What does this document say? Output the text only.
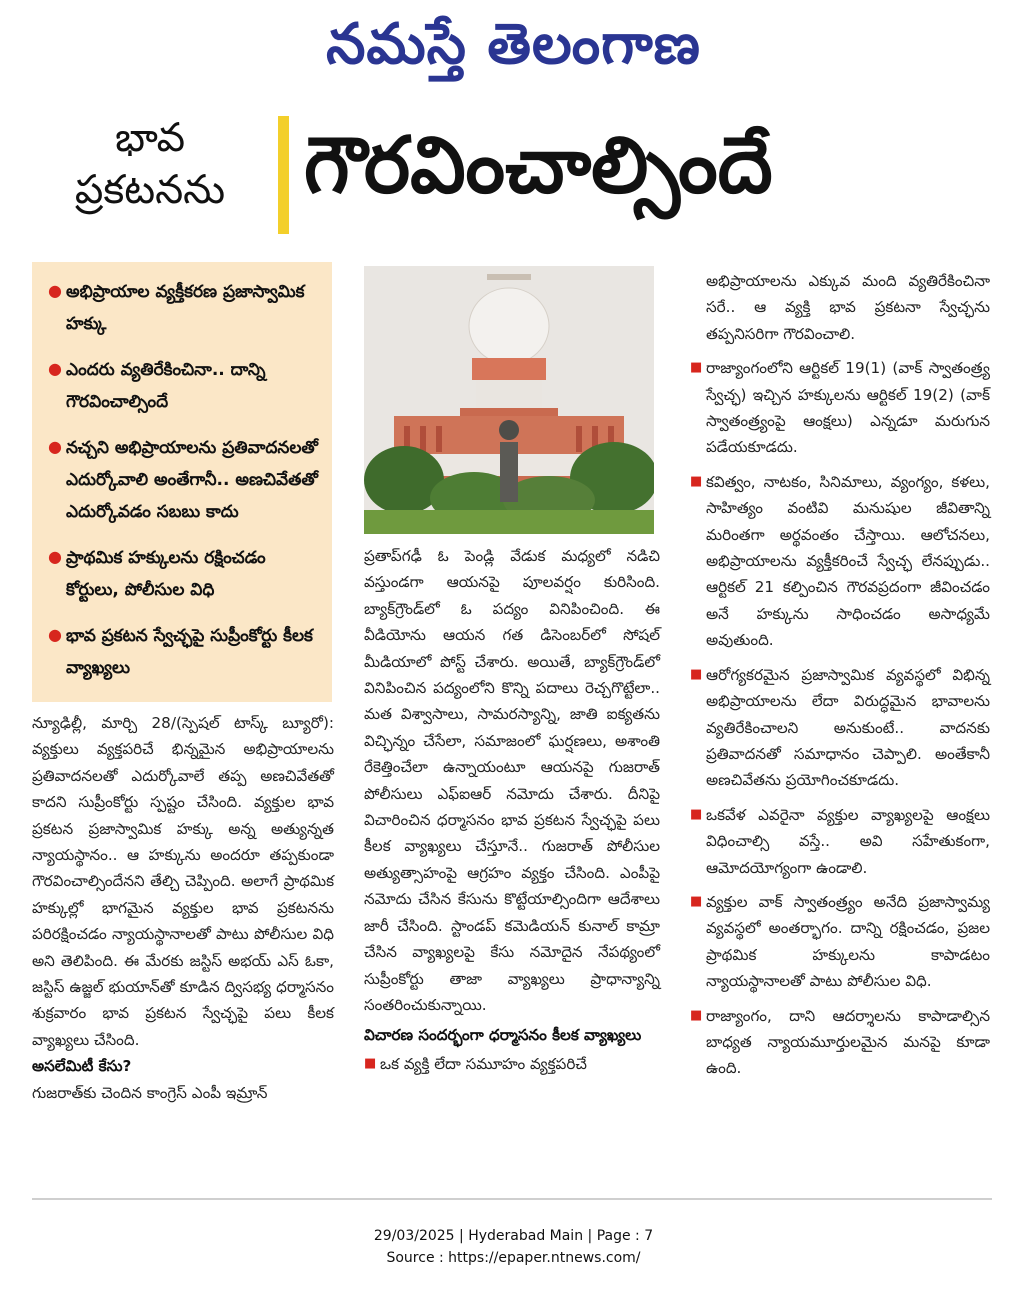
నమస్తే తెలంగాణ
భావ
ప్రకటనను	గౌరవించాల్సిందే
● అభిప్రాయాల వ్యక్తీకరణ ప్రజాస్వామిక హక్కు
● ఎందరు వ్యతిరేకించినా.. దాన్ని గౌరవించాల్సిందే
● నచ్చని అభిప్రాయాలను ప్రతివాదనలతో ఎదుర్కోవాలి అంతేగానీ.. అణచివేతతో ఎదుర్కోవడం సబబు కాదు
● ప్రాథమిక హక్కులను రక్షించడం కోర్టులు, పోలీసుల విధి
● భావ ప్రకటన స్వేచ్ఛపై సుప్రీంకోర్టు కీలక వ్యాఖ్యలు

న్యూఢిల్లీ, మార్చి 28/(స్పెషల్ టాస్క్ బ్యూరో): వ్యక్తులు వ్యక్తపరిచే భిన్నమైన అభిప్రాయాలను ప్రతివాదనలతో ఎదుర్కోవాలే తప్ప అణచివేతతో కాదని సుప్రీంకోర్టు స్పష్టం చేసింది. వ్యక్తుల భావ ప్రకటన ప్రజాస్వామిక హక్కు అన్న అత్యున్నత న్యాయస్థానం.. ఆ హక్కును అందరూ తప్పకుండా గౌరవించాల్సిందేనని తేల్చి చెప్పింది. అలాగే ప్రాథమిక హక్కుల్లో భాగమైన వ్యక్తుల భావ ప్రకటనను పరిరక్షించడం న్యాయస్థానాలతో పాటు పోలీసుల విధి అని తెలిపింది. ఈ మేరకు జస్టిస్ అభయ్ ఎస్ ఓకా, జస్టిస్ ఉజ్జల్ భుయాన్‌తో కూడిన ద్విసభ్య ధర్మాసనం శుక్రవారం భావ ప్రకటన స్వేచ్ఛపై పలు కీలక వ్యాఖ్యలు చేసింది.

అసలేమిటీ కేసు?

గుజరాత్‌కు చెందిన కాంగ్రెస్ ఎంపీ ఇమ్రాన్

ప్రతాప్‌గఢీ ఓ పెండ్లి వేడుక మధ్యలో నడిచి వస్తుండగా ఆయనపై పూలవర్షం కురిసింది. బ్యాక్‌గ్రౌండ్‌లో ఓ పద్యం వినిపించింది. ఈ వీడియోను ఆయన గత డిసెంబర్‌లో సోషల్ మీడియాలో పోస్ట్ చేశారు. అయితే, బ్యాక్‌గ్రౌండ్‌లో వినిపించిన పద్యంలోని కొన్ని పదాలు రెచ్చగొట్టేలా.. మత విశ్వాసాలు, సామరస్యాన్ని, జాతి ఐక్యతను విచ్ఛిన్నం చేసేలా, సమాజంలో ఘర్షణలు, అశాంతి రేకెత్తించేలా ఉన్నాయంటూ ఆయనపై గుజరాత్ పోలీసులు ఎఫ్ఐఆర్ నమోదు చేశారు. దీనిపై విచారించిన ధర్మాసనం భావ ప్రకటన స్వేచ్ఛపై పలు కీలక వ్యాఖ్యలు చేస్తూనే.. గుజరాత్ పోలీసుల అత్యుత్సాహంపై ఆగ్రహం వ్యక్తం చేసింది. ఎంపీపై నమోదు చేసిన కేసును కొట్టేయాల్సిందిగా ఆదేశాలు జారీ చేసింది. స్టాండప్ కమెడియన్ కునాల్ కామ్రా చేసిన వ్యాఖ్యలపై కేసు నమోదైన నేపథ్యంలో సుప్రీంకోర్టు తాజా వ్యాఖ్యలు ప్రాధాన్యాన్ని సంతరించుకున్నాయి.

విచారణ సందర్భంగా ధర్మాసనం కీలక వ్యాఖ్యలు

■ ఒక వ్యక్తి లేదా సమూహం వ్యక్తపరిచే

అభిప్రాయాలను ఎక్కువ మంది వ్యతిరేకించినా సరే.. ఆ వ్యక్తి భావ ప్రకటనా స్వేచ్ఛను తప్పనిసరిగా గౌరవించాలి.

■ రాజ్యాంగంలోని ఆర్టికల్ 19(1) (వాక్ స్వాతంత్ర్య స్వేచ్ఛ) ఇచ్చిన హక్కులను ఆర్టికల్ 19(2) (వాక్ స్వాతంత్ర్యంపై ఆంక్షలు) ఎన్నడూ మరుగున పడేయకూడదు.
■ కవిత్వం, నాటకం, సినిమాలు, వ్యంగ్యం, కళలు, సాహిత్యం వంటివి మనుషుల జీవితాన్ని మరింతగా అర్థవంతం చేస్తాయి. ఆలోచనలు, అభిప్రాయాలను వ్యక్తీకరించే స్వేచ్ఛ లేనప్పుడు.. ఆర్టికల్ 21 కల్పించిన గౌరవప్రదంగా జీవించడం అనే హక్కును సాధించడం అసాధ్యమే అవుతుంది.
■ ఆరోగ్యకరమైన ప్రజాస్వామిక వ్యవస్థలో విభిన్న అభిప్రాయాలను లేదా విరుద్ధమైన భావాలను వ్యతిరేకించాలని అనుకుంటే.. వాదనకు ప్రతివాదనతో సమాధానం చెప్పాలి. అంతేకానీ అణచివేతను ప్రయోగించకూడదు.
■ ఒకవేళ ఎవరైనా వ్యక్తుల వ్యాఖ్యలపై ఆంక్షలు విధించాల్సి వస్తే.. అవి సహేతుకంగా, ఆమోదయోగ్యంగా ఉండాలి.
■ వ్యక్తుల వాక్ స్వాతంత్ర్యం అనేది ప్రజాస్వామ్య వ్యవస్థలో అంతర్భాగం. దాన్ని రక్షించడం, ప్రజల ప్రాథమిక హక్కులను కాపాడటం న్యాయస్థానాలతో పాటు పోలీసుల విధి.
■ రాజ్యాంగం, దాని ఆదర్శాలను కాపాడాల్సిన బాధ్యత న్యాయమూర్తులమైన మనపై కూడా ఉంది.
29/03/2025 | Hyderabad Main | Page : 7
Source : https://epaper.ntnews.com/
